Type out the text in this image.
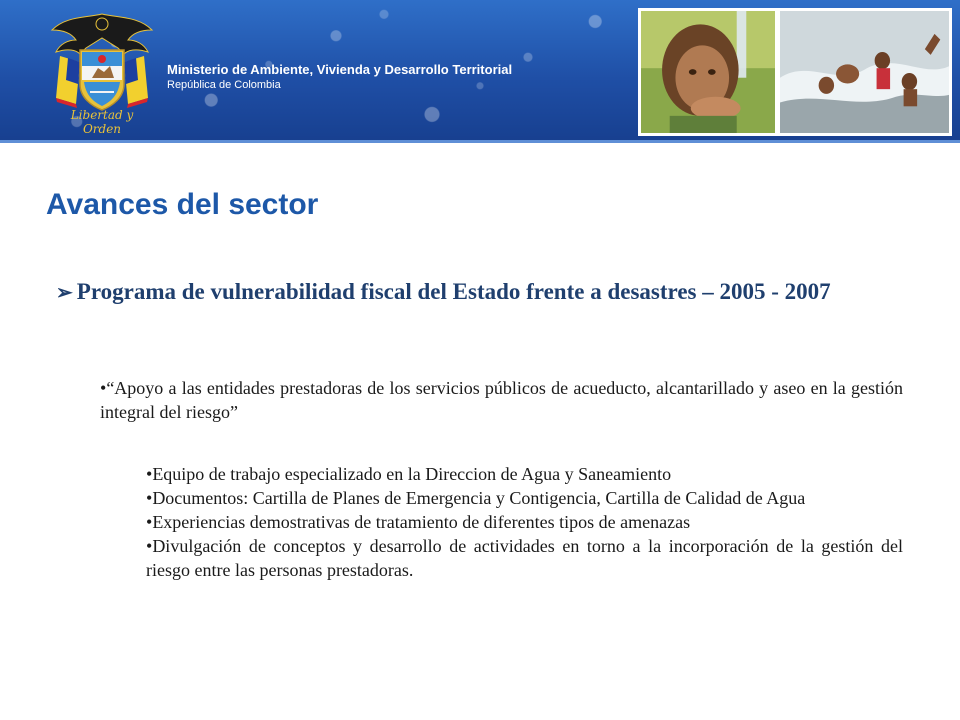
Libertad y Orden
Ministerio de Ambiente, Vivienda y Desarrollo Territorial
República de Colombia
Avances del sector
➢ Programa de vulnerabilidad fiscal del Estado frente a desastres – 2005 - 2007
•“Apoyo a las entidades prestadoras de los servicios públicos de acueducto, alcantarillado y aseo en la gestión integral del riesgo”
•Equipo de trabajo especializado en la Direccion de Agua y Saneamiento
•Documentos: Cartilla de Planes de Emergencia y Contigencia, Cartilla de Calidad de Agua
•Experiencias demostrativas de tratamiento de diferentes tipos de amenazas
•Divulgación de conceptos y desarrollo de actividades en torno a la incorporación de la gestión del riesgo entre las personas prestadoras.
